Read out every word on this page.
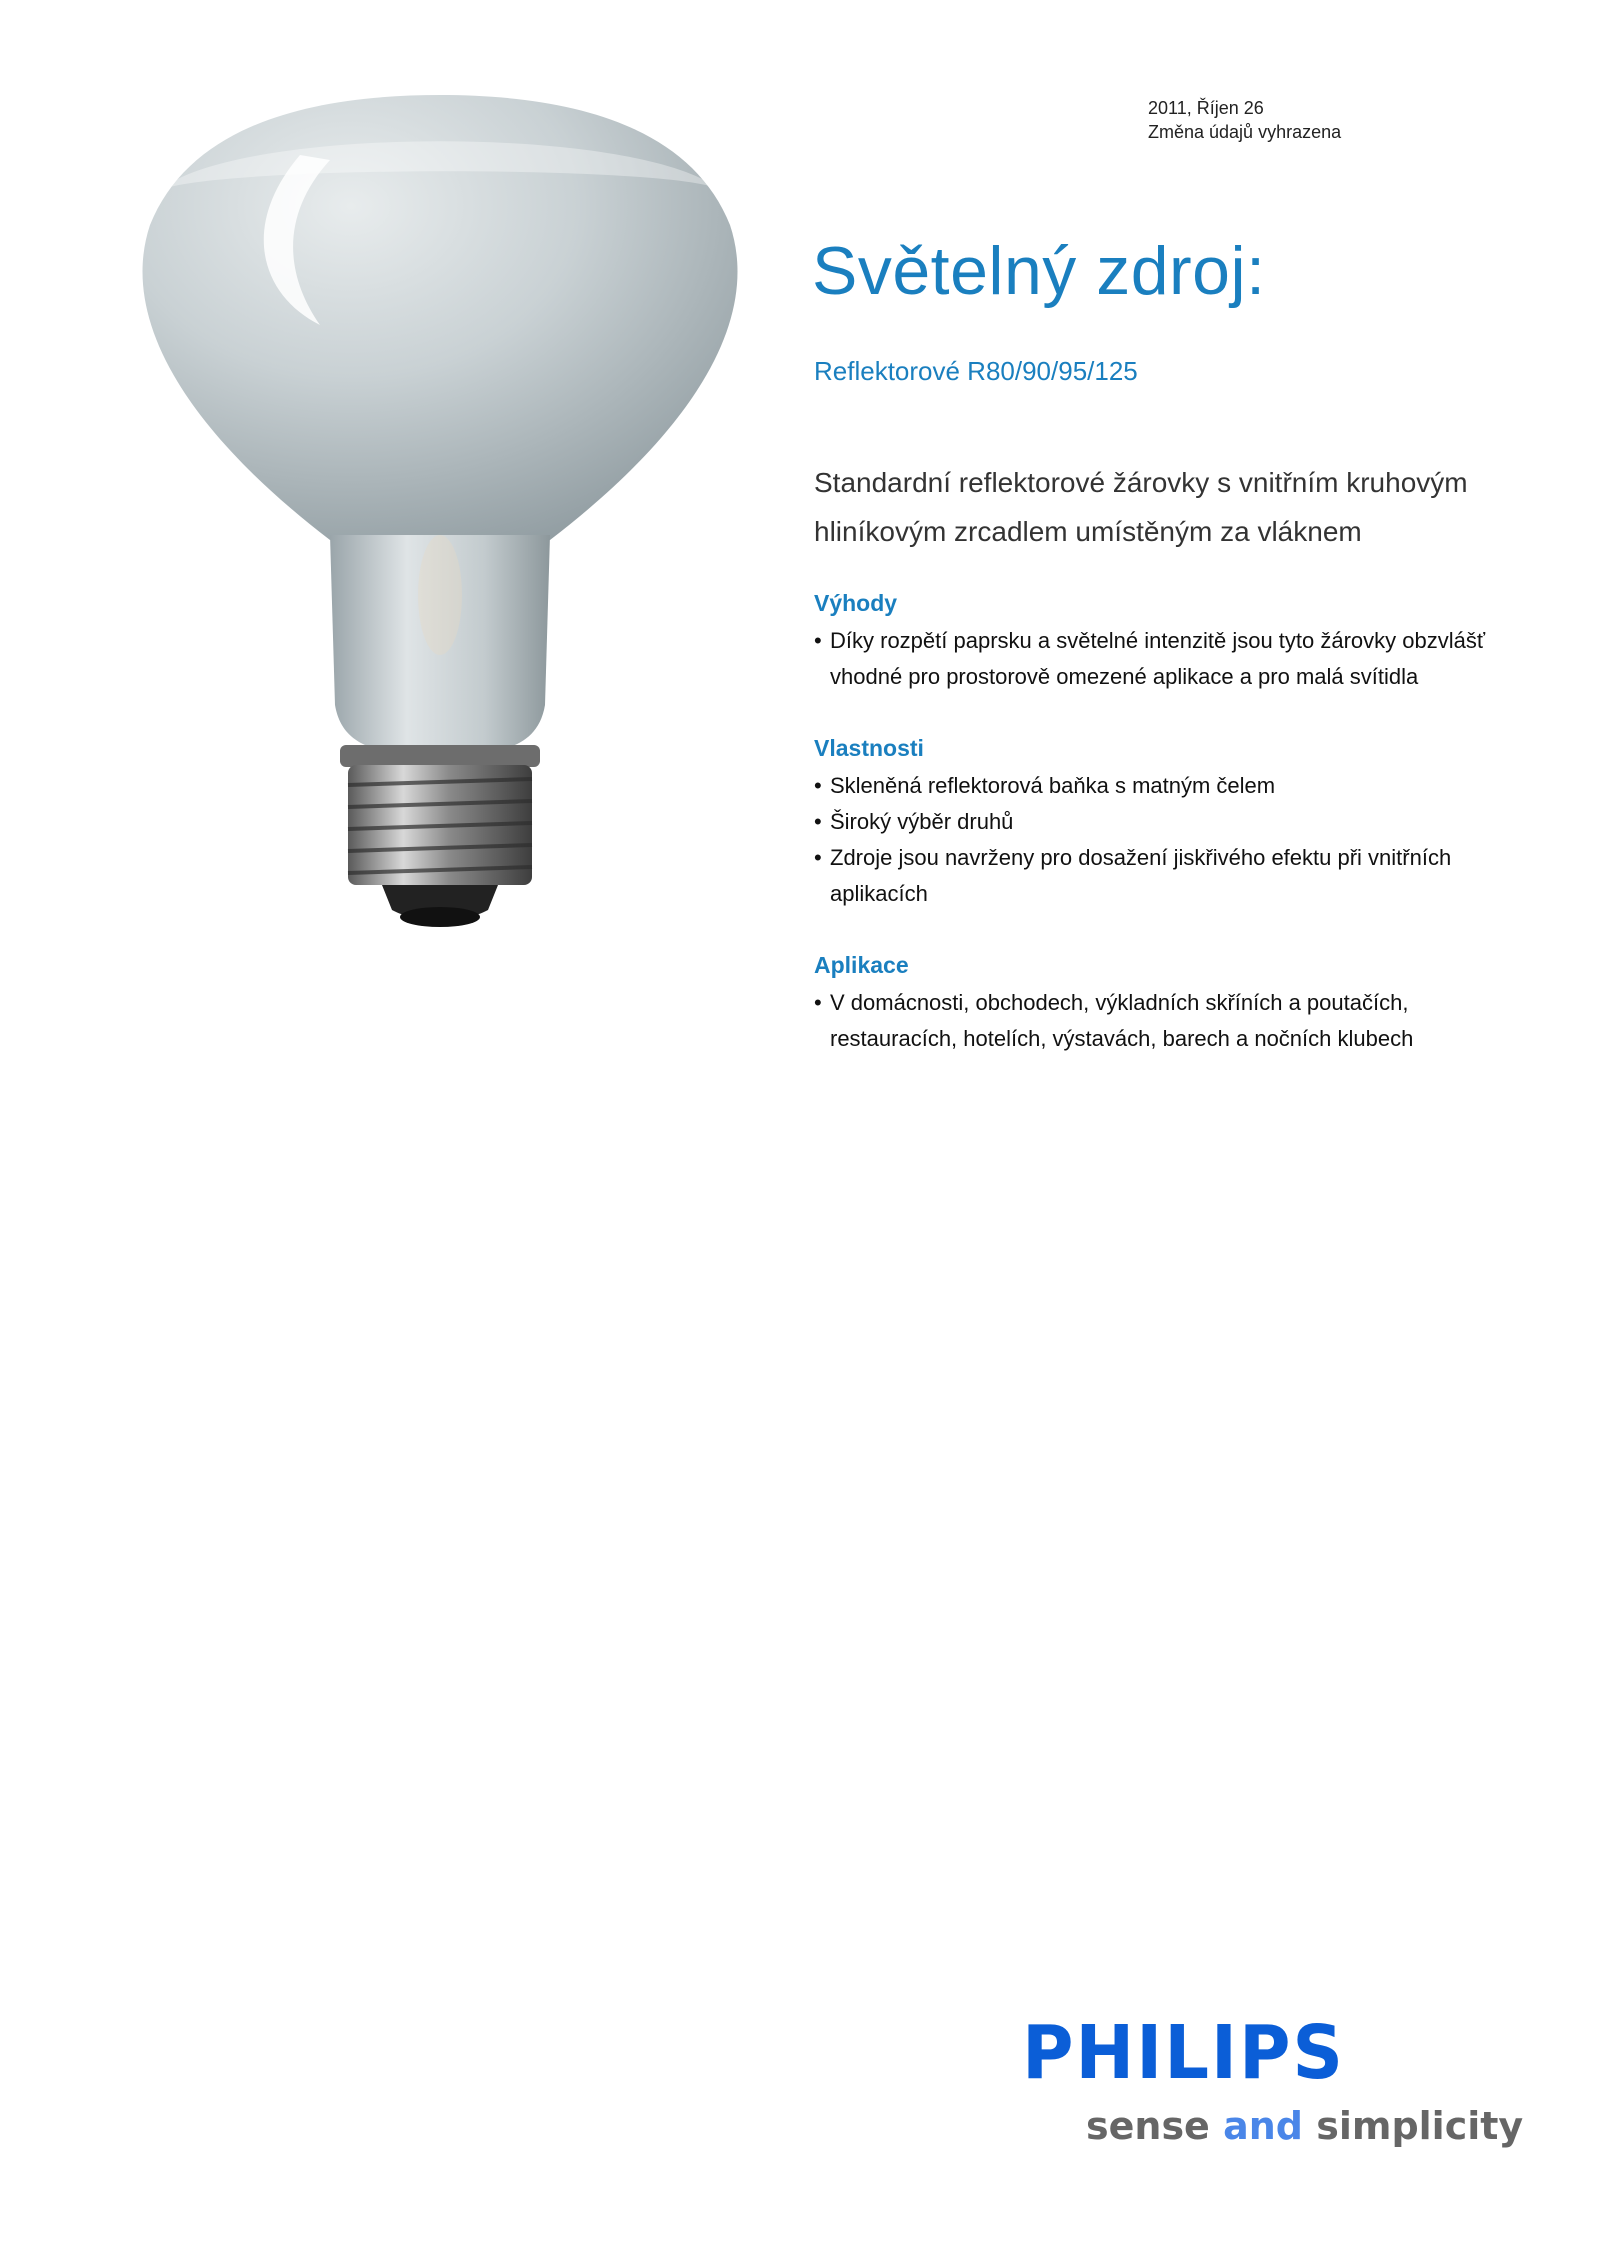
2011, Říjen 26
Změna údajů vyhrazena
Světelný zdroj:
Reflektorové R80/90/95/125
Standardní reflektorové žárovky s vnitřním kruhovým hliníkovým zrcadlem umístěným za vláknem
Výhody
• Díky rozpětí paprsku a světelné intenzitě jsou tyto žárovky obzvlášť vhodné pro prostorově omezené aplikace a pro malá svítidla
Vlastnosti
• Skleněná reflektorová baňka s matným čelem
• Široký výběr druhů
• Zdroje jsou navrženy pro dosažení jiskřivého efektu při vnitřních aplikacích
Aplikace
• V domácnosti, obchodech, výkladních skříních a poutačích, restauracích, hotelích, výstavách, barech a nočních klubech
PHILIPS
sense and simplicity
